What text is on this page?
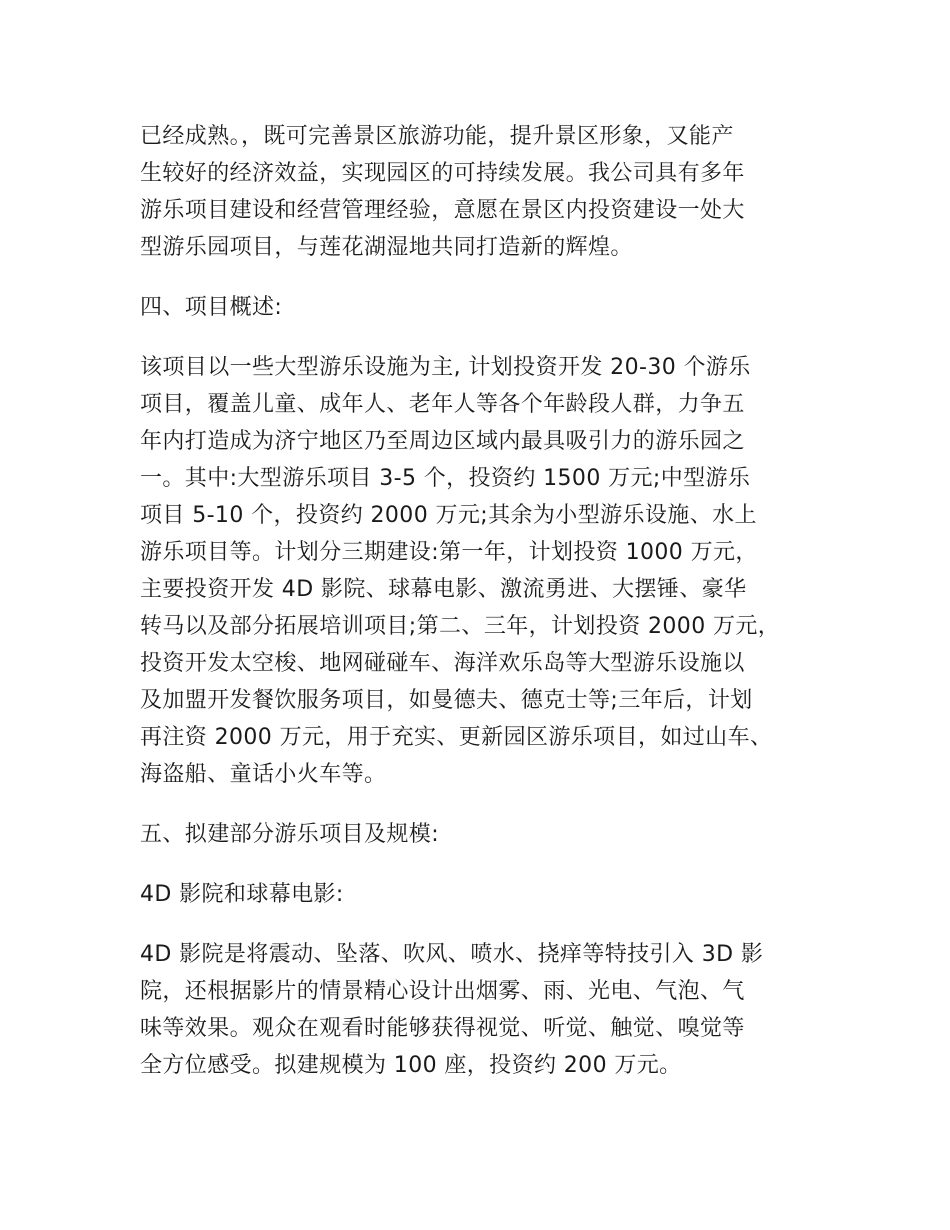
已经成熟。，既可完善景区旅游功能，提升景区形象，又能产
生较好的经济效益，实现园区的可持续发展。我公司具有多年
游乐项目建设和经营管理经验，意愿在景区内投资建设一处大
型游乐园项目，与莲花湖湿地共同打造新的辉煌。
四、项目概述:
该项目以一些大型游乐设施为主, 计划投资开发 20-30 个游乐
项目，覆盖儿童、成年人、老年人等各个年龄段人群，力争五
年内打造成为济宁地区乃至周边区域内最具吸引力的游乐园之
一。其中:大型游乐项目 3-5 个，投资约 1500 万元;中型游乐
项目 5-10 个，投资约 2000 万元;其余为小型游乐设施、水上
游乐项目等。计划分三期建设:第一年，计划投资 1000 万元，
主要投资开发 4D 影院、球幕电影、激流勇进、大摆锤、豪华
转马以及部分拓展培训项目;第二、三年，计划投资 2000 万元，
投资开发太空梭、地网碰碰车、海洋欢乐岛等大型游乐设施以
及加盟开发餐饮服务项目，如曼德夫、德克士等;三年后，计划
再注资 2000 万元，用于充实、更新园区游乐项目，如过山车、
海盗船、童话小火车等。
五、拟建部分游乐项目及规模:
4D 影院和球幕电影:
4D 影院是将震动、坠落、吹风、喷水、挠痒等特技引入 3D 影
院，还根据影片的情景精心设计出烟雾、雨、光电、气泡、气
味等效果。观众在观看时能够获得视觉、听觉、触觉、嗅觉等
全方位感受。拟建规模为 100 座，投资约 200 万元。
